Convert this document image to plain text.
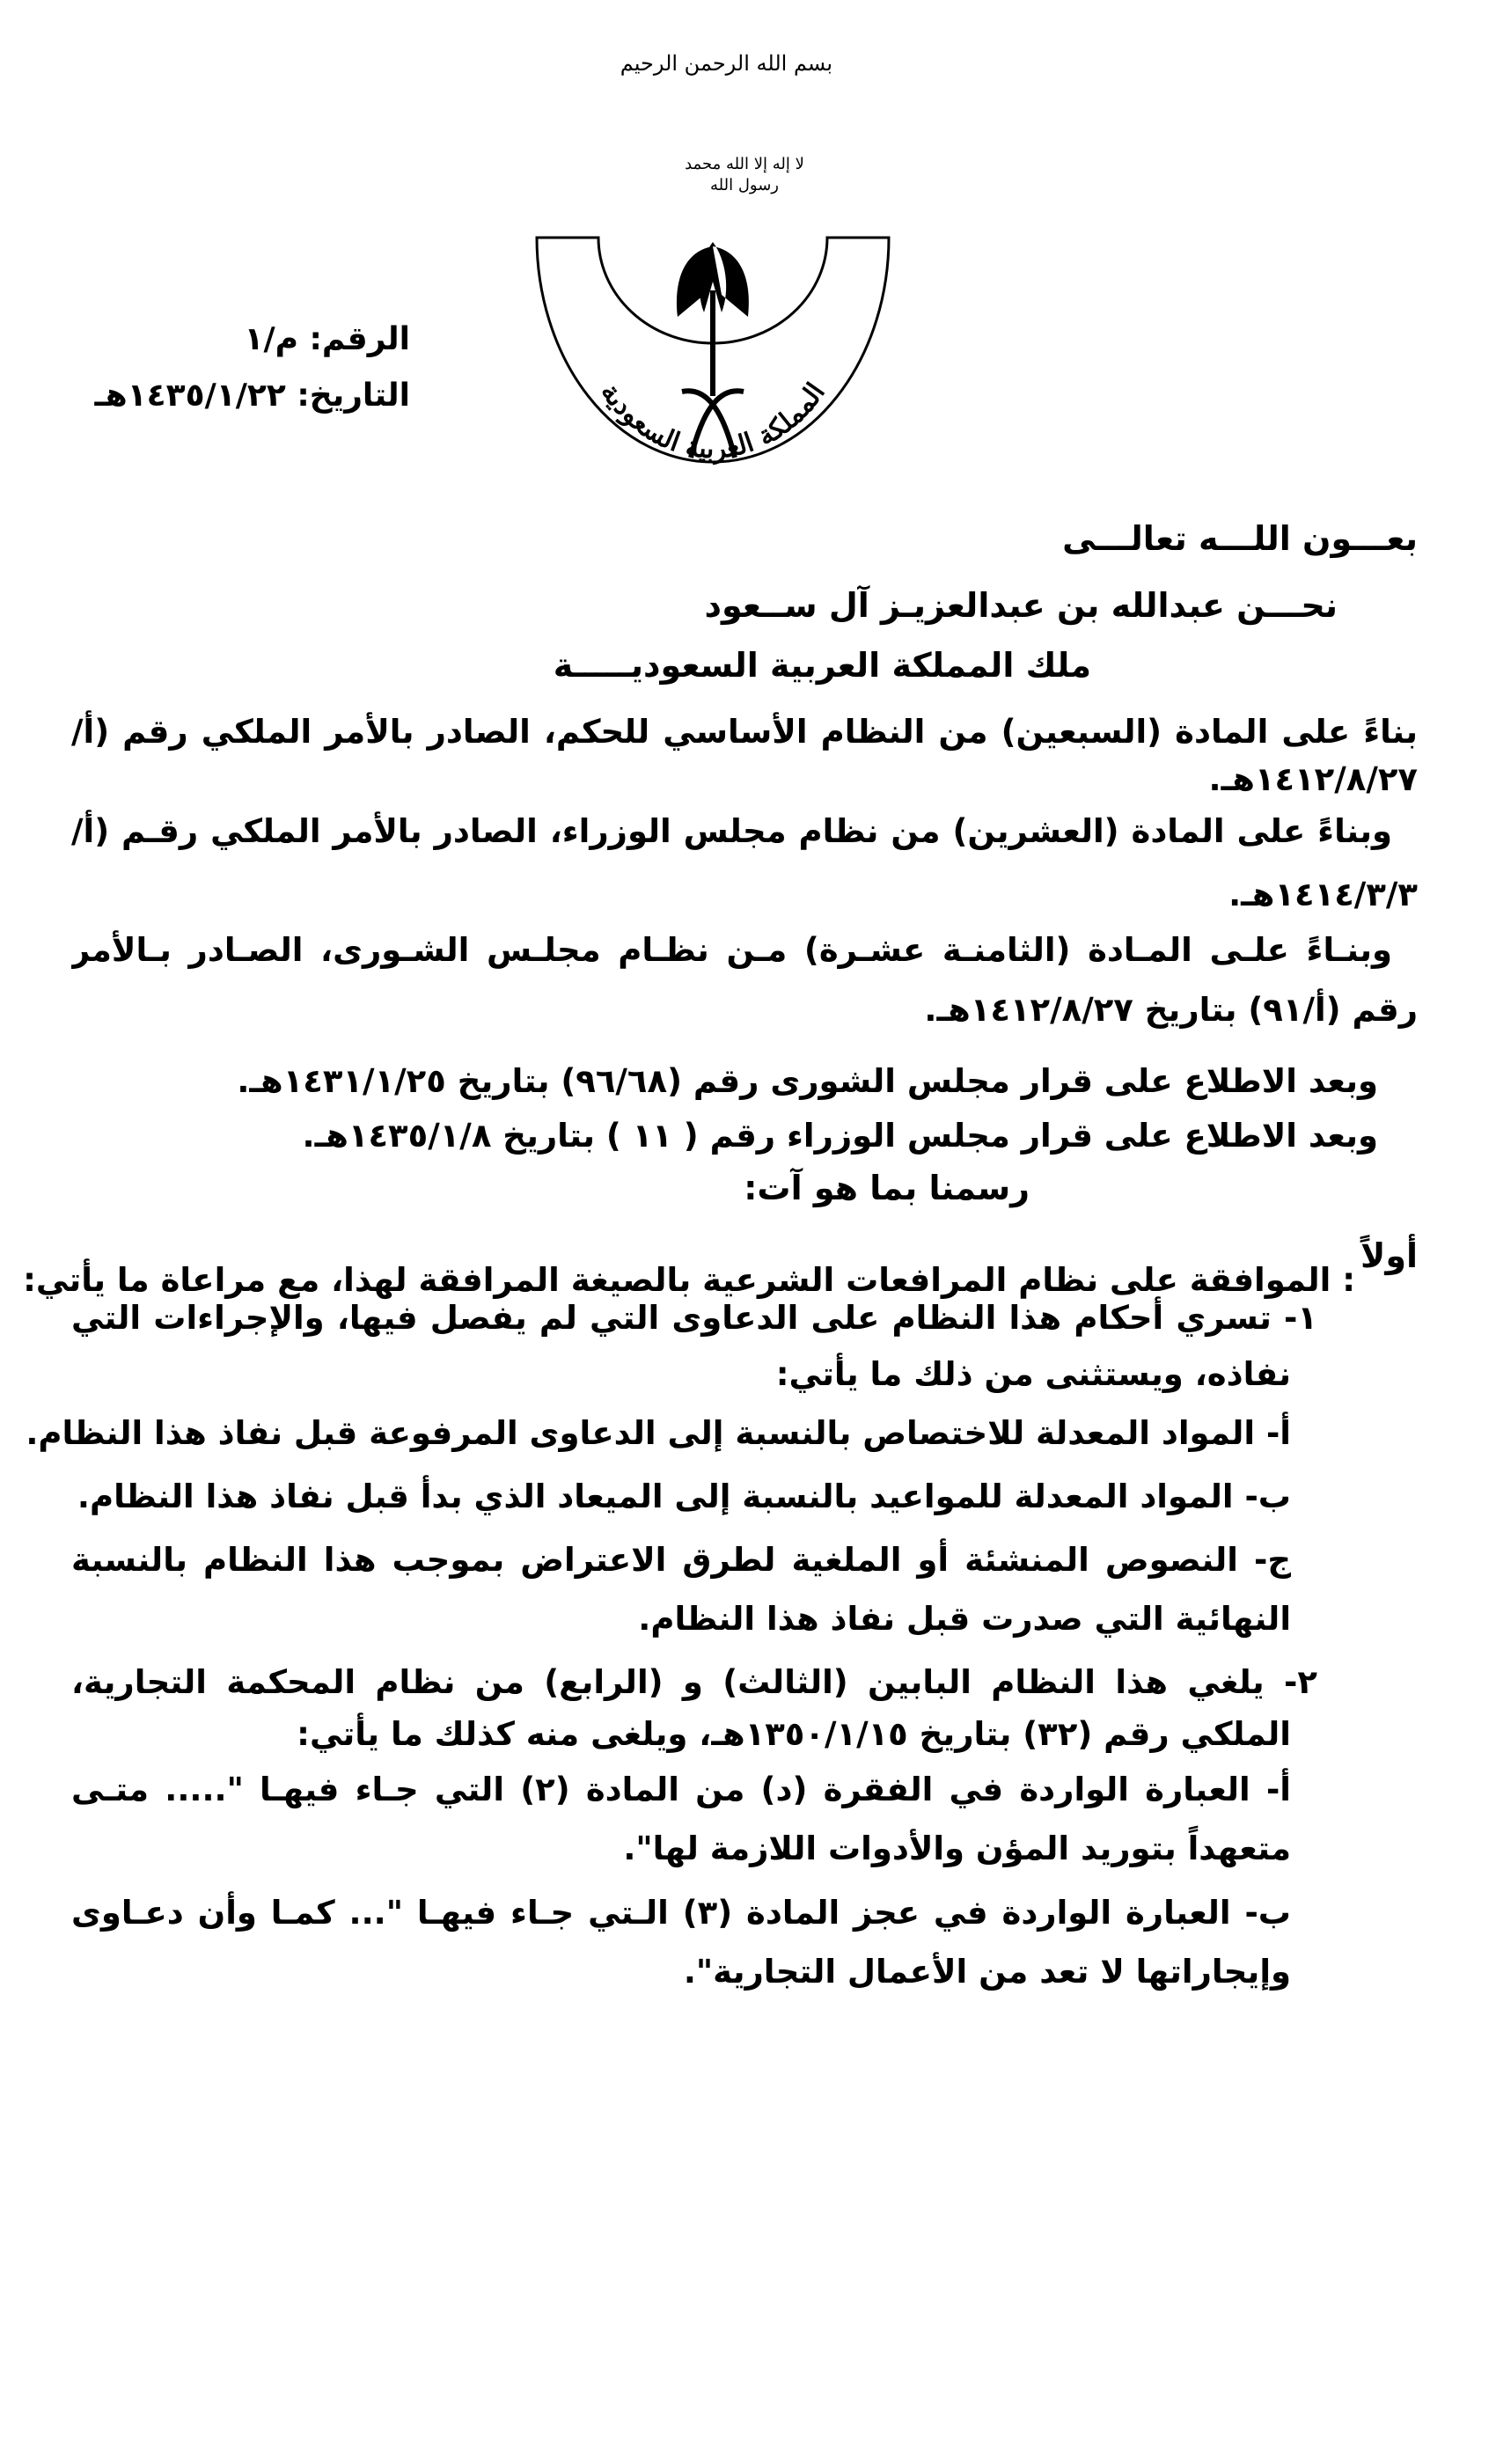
بسم الله الرحمن الرحيم
لا إله إلا الله محمد رسول الله
المملكة العربية السعودية
الرقم: م/١
التاريخ: ١٤٣٥/١/٢٢هـ
بعـــون اللـــه تعالـــى
نحـــن عبدالله بن عبدالعزيـز آل ســعود
ملك المملكة العربية السعوديـــــة
بناءً على المادة (السبعين) من النظام الأساسي للحكم، الصادر بالأمر الملكي رقم (أ/
١٤١٢/٨/٢٧هـ.
وبناءً على المادة (العشرين) من نظام مجلس الوزراء، الصادر بالأمر الملكي رقـم (أ/
١٤١٤/٣/٣هـ.
وبنـاءً علـى المـادة (الثامنـة عشـرة) مـن نظـام مجلـس الشـورى، الصـادر بـالأمر
رقم (أ/٩١) بتاريخ ١٤١٢/٨/٢٧هـ.
وبعد الاطلاع على قرار مجلس الشورى رقم (٩٦/٦٨) بتاريخ ١٤٣١/١/٢٥هـ.
وبعد الاطلاع على قرار مجلس الوزراء رقم ( ١١ ) بتاريخ ١٤٣٥/١/٨هـ.
رسمنا بما هو آت:
أولاً
: الموافقة على نظام المرافعات الشرعية بالصيغة المرافقة لهذا، مع مراعاة ما يأتي:
١- تسري أحكام هذا النظام على الدعاوى التي لم يفصل فيها، والإجراءات التي
نفاذه، ويستثنى من ذلك ما يأتي:
أ- المواد المعدلة للاختصاص بالنسبة إلى الدعاوى المرفوعة قبل نفاذ هذا النظام.
ب- المواد المعدلة للمواعيد بالنسبة إلى الميعاد الذي بدأ قبل نفاذ هذا النظام.
ج- النصوص المنشئة أو الملغية لطرق الاعتراض بموجب هذا النظام بالنسبة
النهائية التي صدرت قبل نفاذ هذا النظام.
٢- يلغي هذا النظام البابين (الثالث) و (الرابع) من نظام المحكمة التجارية،
الملكي رقم (٣٢) بتاريخ ١٣٥٠/١/١٥هـ، ويلغى منه كذلك ما يأتي:
أ- العبارة الواردة في الفقرة (د) من المادة (٢) التي جـاء فيهـا "..... متـى
متعهداً بتوريد المؤن والأدوات اللازمة لها".
ب- العبارة الواردة في عجز المادة (٣) الـتي جـاء فيهـا "... كمـا وأن دعـاوى
وإيجاراتها لا تعد من الأعمال التجارية".
